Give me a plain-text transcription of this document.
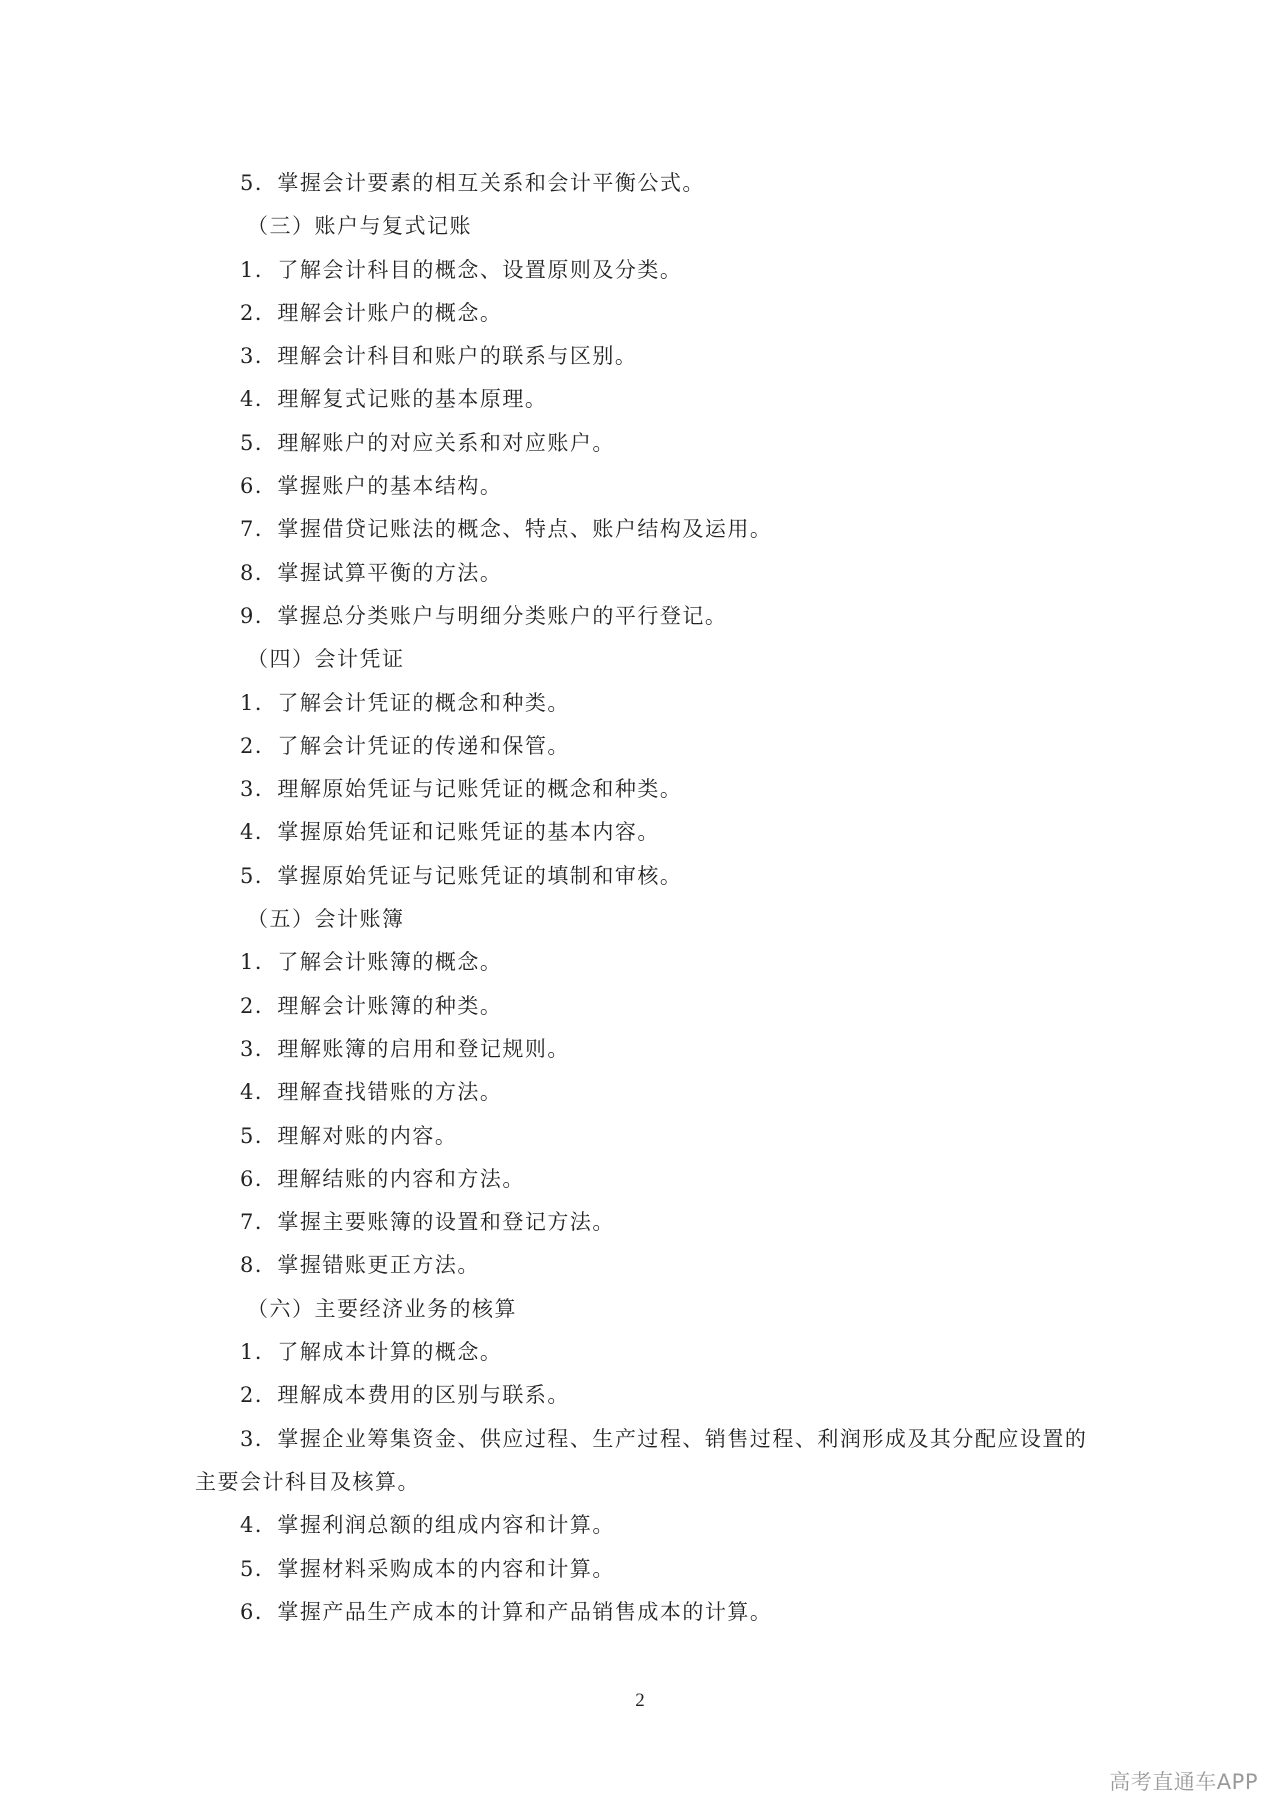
5．掌握会计要素的相互关系和会计平衡公式。
（三）账户与复式记账
1．了解会计科目的概念、设置原则及分类。
2．理解会计账户的概念。
3．理解会计科目和账户的联系与区别。
4．理解复式记账的基本原理。
5．理解账户的对应关系和对应账户。
6．掌握账户的基本结构。
7．掌握借贷记账法的概念、特点、账户结构及运用。
8．掌握试算平衡的方法。
9．掌握总分类账户与明细分类账户的平行登记。
（四）会计凭证
1．了解会计凭证的概念和种类。
2．了解会计凭证的传递和保管。
3．理解原始凭证与记账凭证的概念和种类。
4．掌握原始凭证和记账凭证的基本内容。
5．掌握原始凭证与记账凭证的填制和审核。
（五）会计账簿
1．了解会计账簿的概念。
2．理解会计账簿的种类。
3．理解账簿的启用和登记规则。
4．理解查找错账的方法。
5．理解对账的内容。
6．理解结账的内容和方法。
7．掌握主要账簿的设置和登记方法。
8．掌握错账更正方法。
（六）主要经济业务的核算
1．了解成本计算的概念。
2．理解成本费用的区别与联系。
3．掌握企业筹集资金、供应过程、生产过程、销售过程、利润形成及其分配应设置的主要会计科目及核算。
4．掌握利润总额的组成内容和计算。
5．掌握材料采购成本的内容和计算。
6．掌握产品生产成本的计算和产品销售成本的计算。
2
高考直通车APP
